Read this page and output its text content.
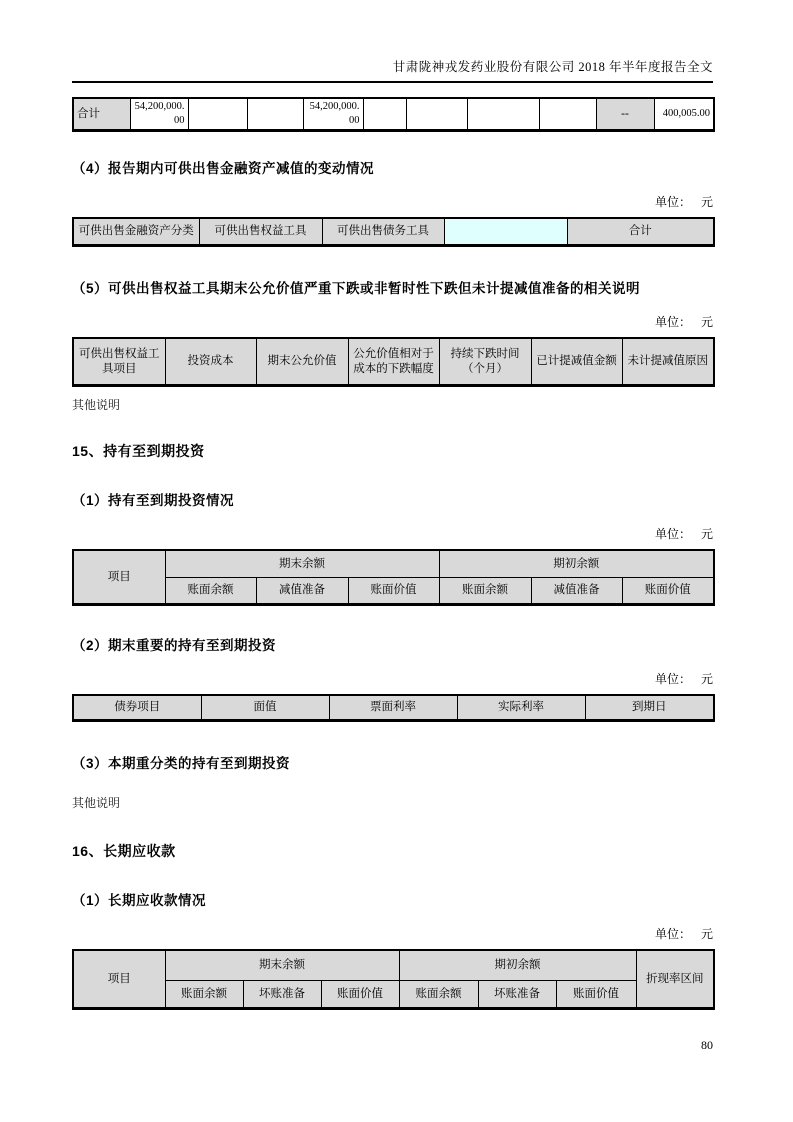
甘肃陇神戎发药业股份有限公司 2018 年半年度报告全文
合计	54,200,000.00			54,200,000.00					--	400,005.00
（4）报告期内可供出售金融资产减值的变动情况
单位： 元
可供出售金融资产分类	可供出售权益工具	可供出售债务工具		合计
（5）可供出售权益工具期末公允价值严重下跌或非暂时性下跌但未计提减值准备的相关说明
单位： 元
可供出售权益工具项目	投资成本	期末公允价值	公允价值相对于成本的下跌幅度	持续下跌时间（个月）	已计提减值金额	未计提减值原因
其他说明
15、持有至到期投资
（1）持有至到期投资情况
单位： 元
项目	期末余额			期初余额		
	账面余额	减值准备	账面价值	账面余额	减值准备	账面价值
（2）期末重要的持有至到期投资
单位： 元
债券项目	面值	票面利率	实际利率	到期日
（3）本期重分类的持有至到期投资
其他说明
16、长期应收款
（1）长期应收款情况
单位： 元
项目	期末余额			期初余额			折现率区间
	账面余额	坏账准备	账面价值	账面余额	坏账准备	账面价值	
80
